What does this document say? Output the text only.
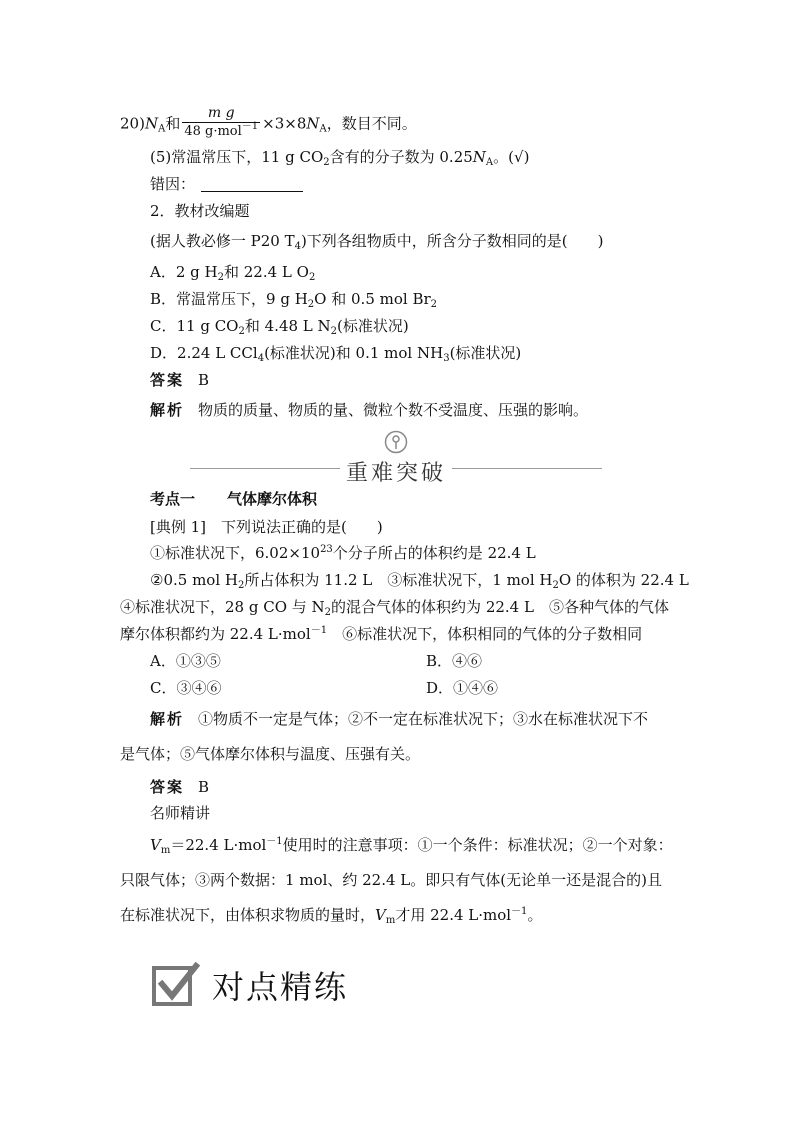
$20)N_A$和 $\frac{\text{m g}}{48 g\cdot mol^{-1}} \times 3\times 8N_A$，数目不同。
(5)常温常压下，11 g $CO_2$含有的分子数为 $0.25N_A$。(√)
错因：
2．教材改编题
(据人教必修一 P20 $T_4$)下列各组物质中，所含分子数相同的是(　　)
A．2 g $H_2$和 22.4 L $O_2$
B．常温常压下，9 g $H_2O$ 和 0.5 mol $Br_2$
C．11 g $CO_2$和 4.48 L $N_2$(标准状况)
D．2.24 L CCl$_4$(标准状况)和 0.1 mol $NH_3$(标准状况)
答案 B
解析 物质的质量、物质的量、微粒个数不受温度、压强的影响。
重难突破
考点一 气体摩尔体积
[典例 1]　下列说法正确的是(　　)
①标准状况下，$6.02\times 10^{23}$个分子所占的体积约是 22.4 L
②0.5 mol $H_2$所占体积为 11.2 L　③标准状况下，1 mol $H_2O$ 的体积为 22.4 L
④标准状况下，28 g CO 与 $N_2$的混合气体的体积约为 22.4 L　⑤各种气体的气体
摩尔体积都约为 22.4 L·mol$^{-1}$　⑥标准状况下，体积相同的气体的分子数相同
A．①③⑤	B．④⑥
C．③④⑥	D．①④⑥
解析 ①物质不一定是气体；②不一定在标准状况下；③水在标准状况下不
是气体；⑤气体摩尔体积与温度、压强有关。
答案 B
名师精讲
$V_m=22.4$ L·mol$^{-1}$使用时的注意事项：①一个条件：标准状况；②一个对象：
只限气体；③两个数据：1 mol、约 22.4 L。即只有气体(无论单一还是混合的)且
在标准状况下，由体积求物质的量时，$V_m$才用 22.4 L·mol$^{-1}$。
对点精练
